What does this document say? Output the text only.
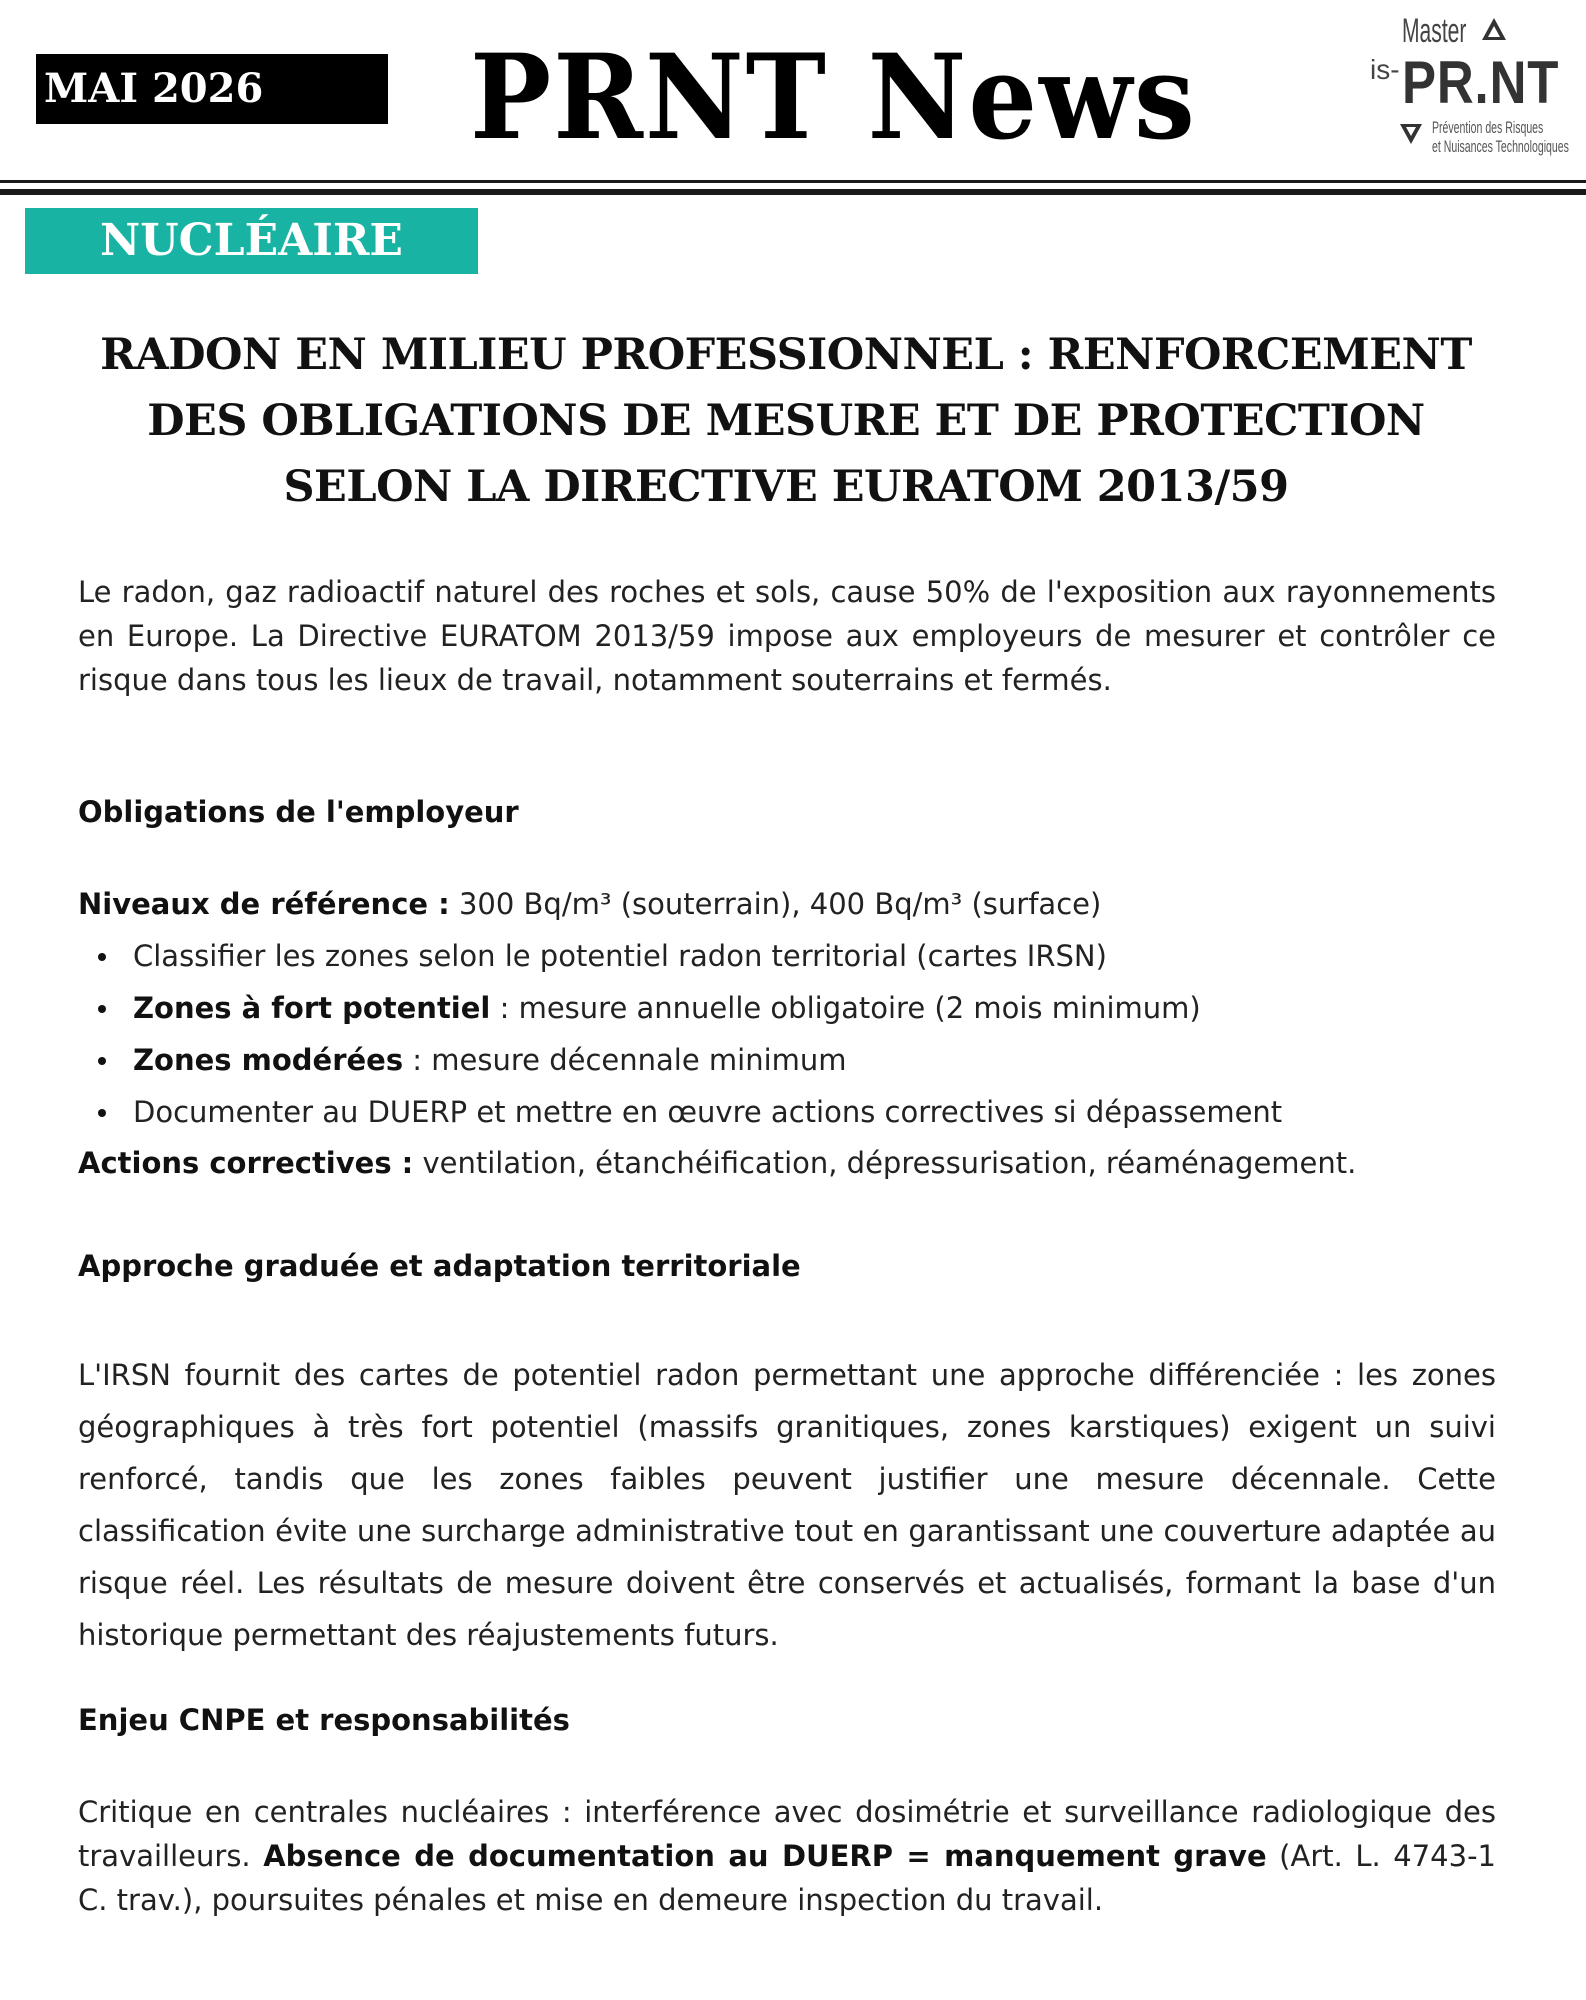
MAI 2026	PRNT News	Master
is- PR.NT
Prévention des Risques
et Nuisances Technologiques
NUCLÉAIRE
RADON EN MILIEU PROFESSIONNEL : RENFORCEMENT DES OBLIGATIONS DE MESURE ET DE PROTECTION SELON LA DIRECTIVE EURATOM 2013/59
Le radon, gaz radioactif naturel des roches et sols, cause 50% de l'exposition aux rayonnements en Europe. La Directive EURATOM 2013/59 impose aux employeurs de mesurer et contrôler ce risque dans tous les lieux de travail, notamment souterrains et fermés.
Obligations de l'employeur
Niveaux de référence : 300 Bq/m³ (souterrain), 400 Bq/m³ (surface)
Classifier les zones selon le potentiel radon territorial (cartes IRSN)
Zones à fort potentiel : mesure annuelle obligatoire (2 mois minimum)
Zones modérées : mesure décennale minimum
Documenter au DUERP et mettre en œuvre actions correctives si dépassement
Actions correctives : ventilation, étanchéification, dépressurisation, réaménagement.
Approche graduée et adaptation territoriale
L'IRSN fournit des cartes de potentiel radon permettant une approche différenciée : les zones géographiques à très fort potentiel (massifs granitiques, zones karstiques) exigent un suivi renforcé, tandis que les zones faibles peuvent justifier une mesure décennale. Cette classification évite une surcharge administrative tout en garantissant une couverture adaptée au risque réel. Les résultats de mesure doivent être conservés et actualisés, formant la base d'un historique permettant des réajustements futurs.
Enjeu CNPE et responsabilités
Critique en centrales nucléaires : interférence avec dosimétrie et surveillance radiologique des travailleurs. Absence de documentation au DUERP = manquement grave (Art. L. 4743-1 C. trav.), poursuites pénales et mise en demeure inspection du travail.
